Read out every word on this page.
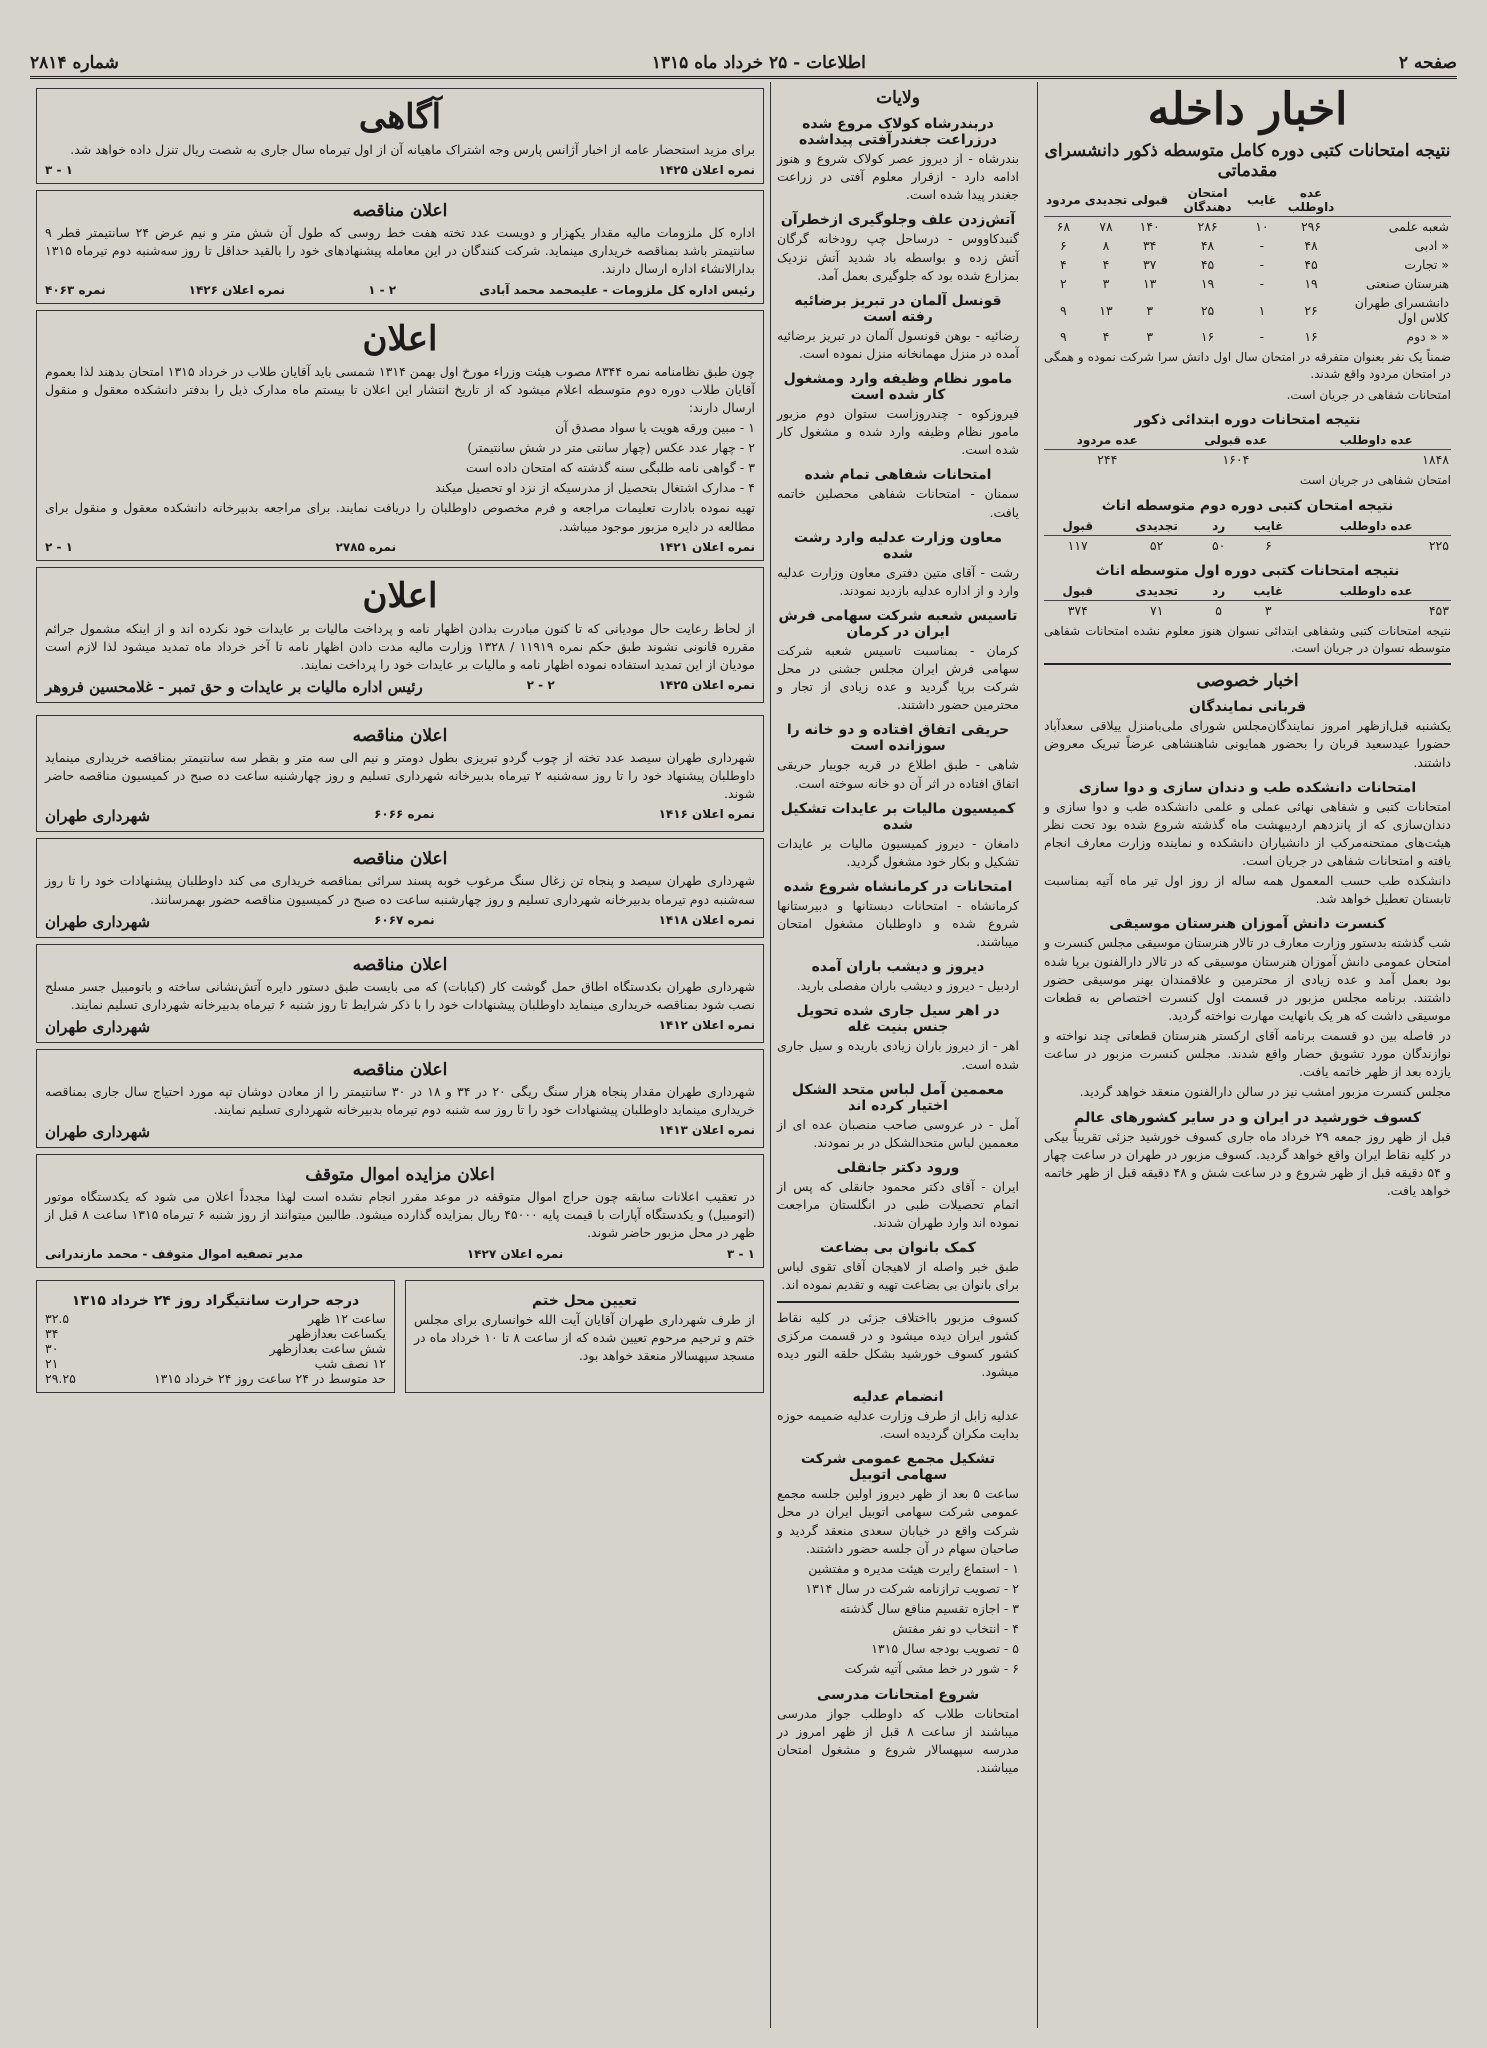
صفحه ۲
اطلاعات - ۲۵ خرداد ماه ۱۳۱۵
شماره ۲۸۱۴
اخبار داخله
نتیجه امتحانات کتبی دوره کامل متوسطه ذکور دانشسرای مقدماتی
	عده داوطلب	غایب	امتحان دهندگان	قبولی	تجدیدی	مردود
شعبه علمی	۲۹۶	۱۰	۲۸۶	۱۴۰	۷۸	۶۸
« ادبی	۴۸	-	۴۸	۳۴	۸	۶
« تجارت	۴۵	-	۴۵	۳۷	۴	۴
هنرستان صنعتی	۱۹	-	۱۹	۱۳	۳	۲
دانشسرای طهران کلاس اول	۲۶	۱	۲۵	۳	۱۳	۹
« « دوم	۱۶	-	۱۶	۳	۴	۹

ضمناً یک نفر بعنوان متفرقه در امتحان سال اول دانش سرا شرکت نموده و همگی در امتحان مردود واقع شدند.

امتحانات شفاهی در جریان است.

نتیجه امتحانات دوره ابتدائی ذکور
عده داوطلب	عده قبولی	عده مردود
۱۸۴۸	۱۶۰۴	۲۴۴

امتحان شفاهی در جریان است

نتیجه امتحان کتبی دوره دوم متوسطه اناث
عده داوطلب	غایب	رد	تجدیدی	قبول
۲۲۵	۶	۵۰	۵۲	۱۱۷
نتیجه امتحانات کتبی دوره اول متوسطه اناث
عده داوطلب	غایب	رد	تجدیدی	قبول
۴۵۳	۳	۵	۷۱	۳۷۴

نتیجه امتحانات کتبی وشفاهی ابتدائی نسوان هنوز معلوم نشده امتحانات شفاهی متوسطه نسوان در جریان است.

اخبار خصوصی
قربانی نمایندگان

یکشنبه قبل‌ازظهر امروز نمایندگان‌مجلس شورای ملی‌بامنزل ییلاقی سعدآباد حضورا عیدسعید قربان را بحضور همایونی شاهنشاهی عرضاً تبریک معروض داشتند.

امتحانات دانشکده طب و دندان سازی و دوا سازی

امتحانات کتبی و شفاهی نهائی عملی و علمی دانشکده طب و دوا سازی و دندان‌سازی که از پانزدهم اردیبهشت ماه گذشته شروع شده بود تحت نظر هیئت‌های ممتحنه‌مرکب از دانشیاران دانشکده و نماینده وزارت معارف انجام یافته و امتحانات شفاهی در جریان است.

دانشکده طب حسب المعمول همه ساله از روز اول تیر ماه آتیه بمناسبت تابستان تعطیل خواهد شد.

کنسرت دانش آموزان هنرستان موسیقی

شب گذشته بدستور وزارت معارف در تالار هنرستان موسیقی مجلس کنسرت و امتحان عمومی دانش آموزان هنرستان موسیقی که در تالار دارالفنون برپا شده بود بعمل آمد و عده زیادی از محترمین و علاقمندان بهنر موسیقی حضور داشتند. برنامه مجلس مزبور در قسمت اول کنسرت اختصاص به قطعات موسیقی داشت که هر یک بانهایت مهارت نواخته گردید.

در فاصله بین دو قسمت برنامه آقای ارکستر هنرستان قطعاتی چند نواخته و نوازندگان مورد تشویق حضار واقع شدند. مجلس کنسرت مزبور در ساعت یازده بعد از ظهر خاتمه یافت.

مجلس کنسرت مزبور امشب نیز در سالن دارالفنون منعقد خواهد گردید.

کسوف خورشید در ایران و در سایر کشورهای عالم

قبل از ظهر روز جمعه ۲۹ خرداد ماه جاری کسوف خورشید جزئی تقریباً بیکی در کلیه نقاط ایران واقع خواهد گردید. کسوف مزبور در طهران در ساعت چهار و ۵۴ دقیقه قبل از ظهر شروع و در ساعت شش و ۴۸ دقیقه قبل از ظهر خاتمه خواهد یافت.

ولایات
دربندرشاه کولاک مروع شده درزراعت جغندرآفتی پیداشده

بندرشاه - از دیروز عصر کولاک شروع و هنوز ادامه دارد - ازقرار معلوم آفتی در زراعت جغندر پیدا شده است.

آتش‌زدن علف وجلوگیری ازخطرآن

گنبدکاووس - درساحل چپ رودخانه گرگان آتش زده و بواسطه باد شدید آتش نزدیک بمزارع شده بود که جلوگیری بعمل آمد.

قونسل آلمان در تبریز برضائیه رفته است

رضائیه - بوهن قونسول آلمان در تبریز برضائیه آمده در منزل مهمانخانه منزل نموده است.

مامور نظام وظیفه وارد ومشغول کار شده است

فیروزکوه - چندروزاست ستوان دوم مزبور مامور نظام وظیفه وارد شده و مشغول کار شده است.

امتحانات شفاهی تمام شده

سمنان - امتحانات شفاهی محصلین خاتمه یافت.

معاون وزارت عدلیه وارد رشت شده

رشت - آقای متین دفتری معاون وزارت عدلیه وارد و از اداره عدلیه بازدید نمودند.

تاسیس شعبه شرکت سهامی فرش ایران در کرمان

کرمان - بمناسبت تاسیس شعبه شرکت سهامی فرش ایران مجلس جشنی در محل شرکت برپا گردید و عده زیادی از تجار و محترمین حضور داشتند.

حریقی اتفاق افتاده و دو خانه را سوزانده است

شاهی - طبق اطلاع در قریه جویبار حریقی اتفاق افتاده در اثر آن دو خانه سوخته است.

کمیسیون مالیات بر عایدات تشکیل شده

دامغان - دیروز کمیسیون مالیات بر عایدات تشکیل و بکار خود مشغول گردید.

امتحانات در کرمانشاه شروع شده

کرمانشاه - امتحانات دبستانها و دبیرستانها شروع شده و داوطلبان مشغول امتحان میباشند.

دیروز و دیشب باران آمده

اردبیل - دیروز و دیشب باران مفصلی بارید.

در اهر سیل جاری شده تحویل جنس بنیت غله

اهر - از دیروز باران زیادی باریده و سیل جاری شده است.

معممین آمل لباس متحد الشکل اختیار کرده اند

آمل - در عروسی صاحب منصبان عده ای از معممین لباس متحدالشکل در بر نمودند.

ورود دکتر جانقلی

ایران - آقای دکتر محمود جانقلی که پس از اتمام تحصیلات طبی در انگلستان مراجعت نموده اند وارد طهران شدند.

کمک بانوان بی بضاعت

طبق خبر واصله از لاهیجان آقای تقوی لباس برای بانوان بی بضاعت تهیه و تقدیم نموده اند.

کسوف مزبور بااختلاف جزئی در کلیه نقاط کشور ایران دیده میشود و در قسمت مرکزی کشور کسوف خورشید بشکل حلقه النور دیده میشود.

انضمام عدلیه

عدلیه زابل از طرف وزارت عدلیه ضمیمه حوزه بدایت مکران گردیده است.

تشکیل مجمع عمومی شرکت سهامی اتوبیل

ساعت ۵ بعد از ظهر دیروز اولین جلسه مجمع عمومی شرکت سهامی اتوبیل ایران در محل شرکت واقع در خیابان سعدی منعقد گردید و صاحبان سهام در آن جلسه حضور داشتند.

۱ - استماع رایرت هیئت مدیره و مفتشین

۲ - تصویب ترازنامه شرکت در سال ۱۳۱۴

۳ - اجازه تقسیم منافع سال گذشته

۴ - انتخاب دو نفر مفتش

۵ - تصویب بودجه سال ۱۳۱۵

۶ - شور در خط مشی آتیه شرکت

شروع امتحانات مدرسی

امتحانات طلاب که داوطلب جواز مدرسی میباشند از ساعت ۸ قبل از ظهر امروز در مدرسه سپهسالار شروع و مشغول امتحان میباشند.

آگاهی

برای مزید استحضار عامه از اخبار آژانس پارس وجه اشتراک ماهیانه آن از اول تیرماه سال جاری به شصت ریال تنزل داده خواهد شد.

نمره اعلان ۱۴۲۵
۱ - ۳
اعلان مناقصه

اداره کل ملزومات مالیه مقدار یکهزار و دویست عدد تخته هفت خط روسی که طول آن شش متر و نیم عرض ۲۴ سانتیمتر قطر ۹ سانتیمتر باشد بمناقصه خریداری مینماید. شرکت کنندگان در این معامله پیشنهادهای خود را بالقید حداقل تا روز سه‌شنبه دوم تیرماه ۱۳۱۵ بدارالانشاء اداره ارسال دارند.

رئیس اداره کل ملزومات - علیمحمد محمد آبادی
۲ - ۱
نمره اعلان ۱۴۲۶
نمره ۴۰۶۳
اعلان

چون طبق نظامنامه نمره ۸۳۴۴ مصوب هیئت وزراء مورخ اول بهمن ۱۳۱۴ شمسی باید آقایان طلاب در خرداد ۱۳۱۵ امتحان بدهند لذا بعموم آقایان طلاب دوره دوم متوسطه اعلام میشود که از تاریخ انتشار این اعلان تا بیستم ماه مدارک ذیل را بدفتر دانشکده معقول و منقول ارسال دارند:

۱ - مبین ورقه هویت یا سواد مصدق آن

۲ - چهار عدد عکس (چهار سانتی متر در شش سانتیمتر)

۳ - گواهی نامه طلبگی سنه گذشته که امتحان داده است

۴ - مدارک اشتغال بتحصیل از مدرسیکه از نزد او تحصیل میکند

تهیه نموده بادارت تعلیمات مراجعه و فرم مخصوص داوطلبان را دریافت نمایند. برای مراجعه بدبیرخانه دانشکده معقول و منقول برای مطالعه در دایره مزبور موجود میباشد.

نمره اعلان ۱۴۲۱
نمره ۲۷۸۵
۱ - ۲
اعلان

از لحاظ رعایت حال مودیانی که تا کنون مبادرت بدادن اظهار نامه و پرداخت مالیات بر عایدات خود نکرده اند و از اینکه مشمول جرائم مقرره قانونی نشوند طبق حکم نمره ۱۱۹۱۹ / ۱۳۲۸ وزارت مالیه مدت دادن اظهار نامه تا آخر خرداد ماه تمدید میشود لذا لازم است مودیان از این تمدید استفاده نموده اظهار نامه و مالیات بر عایدات خود را پرداخت نمایند.

نمره اعلان ۱۴۲۵
۲ - ۲
رئیس اداره مالیات بر عایدات و حق تمبر - غلامحسین فروهر
اعلان مناقصه

شهرداری طهران سیصد عدد تخته از چوب گردو تبریزی بطول دومتر و نیم الی سه متر و بقطر سه سانتیمتر بمناقصه خریداری مینماید داوطلبان پیشنهاد خود را تا روز سه‌شنبه ۲ تیرماه بدبیرخانه شهرداری تسلیم و روز چهارشنبه ساعت ده صبح در کمیسیون مناقصه حاضر شوند.

نمره اعلان ۱۴۱۶
نمره ۶۰۶۶
شهرداری طهران
اعلان مناقصه

شهرداری طهران سیصد و پنجاه تن زغال سنگ مرغوب خوبه پسند سرائی بمناقصه خریداری می کند داوطلبان پیشنهادات خود را تا روز سه‌شنبه دوم تیرماه بدبیرخانه شهرداری تسلیم و روز چهارشنبه ساعت ده صبح در کمیسیون مناقصه حضور بهمرسانند.

نمره اعلان ۱۴۱۸
نمره ۶۰۶۷
شهرداری طهران
اعلان مناقصه

شهرداری طهران بکدستگاه اطاق حمل گوشت کار (کبابات) که می بایست طبق دستور دایره آتش‌نشانی ساخته و باتومبیل جسر مسلح نصب شود بمناقصه خریداری مینماید داوطلبان پیشنهادات خود را با ذکر شرایط تا روز شنبه ۶ تیرماه بدبیرخانه شهرداری تسلیم نمایند.

نمره اعلان ۱۴۱۲
شهرداری طهران
اعلان مناقصه

شهرداری طهران مقدار پنجاه هزار سنگ ریگی ۲۰ در ۳۴ و ۱۸ در ۳۰ سانتیمتر را از معادن دوشان تپه مورد احتیاج سال جاری بمناقصه خریداری مینماید داوطلبان پیشنهادات خود را تا روز سه شنبه دوم تیرماه بدبیرخانه شهرداری تسلیم نمایند.

نمره اعلان ۱۴۱۳
شهرداری طهران
اعلان مزایده اموال متوقف

در تعقیب اعلانات سابقه چون حراج اموال متوقفه در موعد مقرر انجام نشده است لهذا مجدداً اعلان می شود که یکدستگاه موتور (اتومبیل) و یکدستگاه آپارات با قیمت پایه ۴۵۰۰۰ ریال بمزایده گذارده میشود. طالبین میتوانند از روز شنبه ۶ تیرماه ۱۳۱۵ ساعت ۸ قبل از ظهر در محل مزبور حاضر شوند.

۱ - ۳
نمره اعلان ۱۴۲۷
مدیر تصفیه اموال متوقف - محمد مازندرانی
تعیین محل ختم

از طرف شهرداری طهران آقایان آیت الله خوانساری برای مجلس ختم و ترحیم مرحوم تعیین شده که از ساعت ۸ تا ۱۰ خرداد ماه در مسجد سپهسالار منعقد خواهد بود.

درجه حرارت سانتیگراد روز ۲۴ خرداد ۱۳۱۵
ساعت ۱۲ ظهر
۳۲.۵
یکساعت بعدازظهر
۳۴
شش ساعت بعدازظهر
۳۰
۱۲ نصف شب
۲۱
حد متوسط در ۲۴ ساعت روز ۲۴ خرداد ۱۳۱۵
۲۹.۲۵
